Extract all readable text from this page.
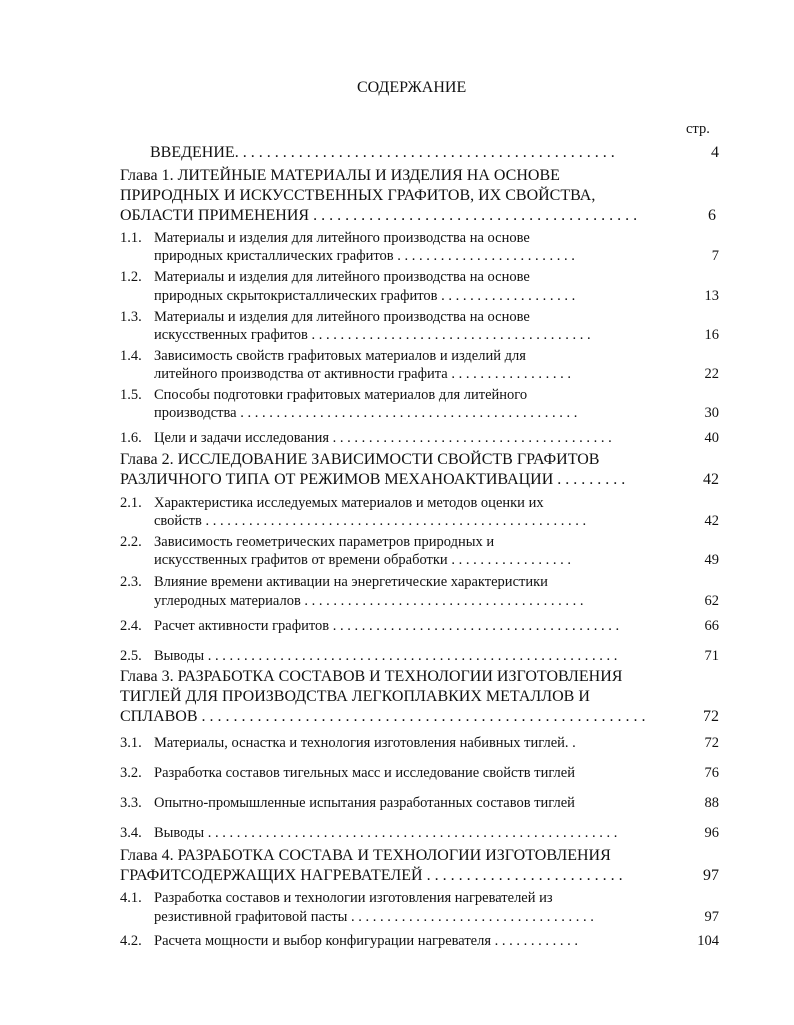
СОДЕРЖАНИЕ
стр.
ВВЕДЕНИЕ. . . . . . . . . . . . . . . . . . . . . . . . . . . . . . . . . . . . . . . . . . . . . . . .	4
Глава 1. ЛИТЕЙНЫЕ МАТЕРИАЛЫ И ИЗДЕЛИЯ НА ОСНОВЕ
ПРИРОДНЫХ И ИСКУССТВЕННЫХ ГРАФИТОВ, ИХ СВОЙСТВА,
ОБЛАСТИ ПРИМЕНЕНИЯ . . . . . . . . . . . . . . . . . . . . . . . . . . . . . . . . . . . . . . . . .	6
1.1. Материалы и изделия для литейного производства на основе
природных кристаллических графитов . . . . . . . . . . . . . . . . . . . . . . . . .	7
1.2. Материалы и изделия для литейного производства на основе
природных скрытокристаллических графитов . . . . . . . . . . . . . . . . . . .	13
1.3. Материалы и изделия для литейного производства на основе
искусственных графитов . . . . . . . . . . . . . . . . . . . . . . . . . . . . . . . . . . . . . . .	16
1.4. Зависимость свойств графитовых материалов и изделий для
литейного производства от активности графита . . . . . . . . . . . . . . . . .	22
1.5. Способы подготовки графитовых материалов для литейного
производства . . . . . . . . . . . . . . . . . . . . . . . . . . . . . . . . . . . . . . . . . . . . . . .	30
1.6. Цели и задачи исследования . . . . . . . . . . . . . . . . . . . . . . . . . . . . . . . . . . . . . . .	40
Глава 2. ИССЛЕДОВАНИЕ ЗАВИСИМОСТИ СВОЙСТВ ГРАФИТОВ
РАЗЛИЧНОГО ТИПА ОТ РЕЖИМОВ МЕХАНОАКТИВАЦИИ . . . . . . . . .	42
2.1. Характеристика исследуемых материалов и методов оценки их
свойств . . . . . . . . . . . . . . . . . . . . . . . . . . . . . . . . . . . . . . . . . . . . . . . . . . . . .	42
2.2. Зависимость геометрических параметров природных и
искусственных графитов от времени обработки . . . . . . . . . . . . . . . . .	49
2.3. Влияние времени активации на энергетические характеристики
углеродных материалов . . . . . . . . . . . . . . . . . . . . . . . . . . . . . . . . . . . . . . .	62
2.4. Расчет активности графитов . . . . . . . . . . . . . . . . . . . . . . . . . . . . . . . . . . . . . . . .	66
2.5. Выводы . . . . . . . . . . . . . . . . . . . . . . . . . . . . . . . . . . . . . . . . . . . . . . . . . . . . . . . . .	71
Глава 3. РАЗРАБОТКА СОСТАВОВ И ТЕХНОЛОГИИ ИЗГОТОВЛЕНИЯ
ТИГЛЕЙ ДЛЯ ПРОИЗВОДСТВА ЛЕГКОПЛАВКИХ МЕТАЛЛОВ И
СПЛАВОВ . . . . . . . . . . . . . . . . . . . . . . . . . . . . . . . . . . . . . . . . . . . . . . . . . . . . . . . .	72
3.1. Материалы, оснастка и технология изготовления набивных тиглей. .	72
3.2. Разработка составов тигельных масс и исследование свойств тиглей	76
3.3. Опытно-промышленные испытания разработанных составов тиглей	88
3.4. Выводы . . . . . . . . . . . . . . . . . . . . . . . . . . . . . . . . . . . . . . . . . . . . . . . . . . . . . . . . .	96
Глава 4. РАЗРАБОТКА СОСТАВА И ТЕХНОЛОГИИ ИЗГОТОВЛЕНИЯ
ГРАФИТСОДЕРЖАЩИХ НАГРЕВАТЕЛЕЙ . . . . . . . . . . . . . . . . . . . . . . . . .	97
4.1. Разработка составов и технологии изготовления нагревателей из
резистивной графитовой пасты . . . . . . . . . . . . . . . . . . . . . . . . . . . . . . . . . .	97
4.2. Расчета мощности и выбор конфигурации нагревателя . . . . . . . . . . . .	104
